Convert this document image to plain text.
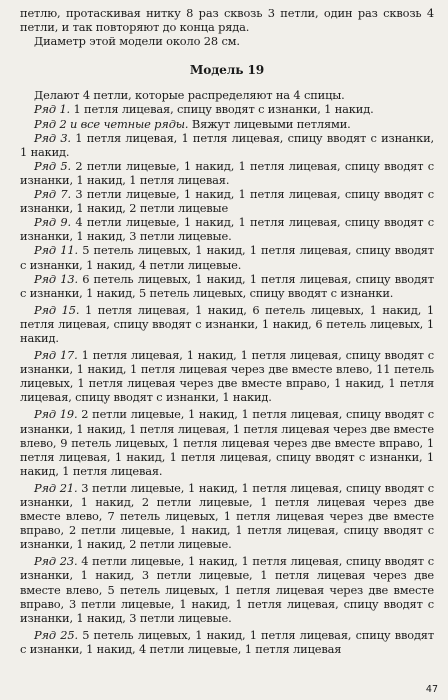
петлю, протаскивая нитку 8 раз сквозь 3 петли, один раз сквозь 4 петли, и так повторяют до конца ряда.

Диаметр этой модели около 28 см.

Модель 19

Делают 4 петли, которые распределяют на 4 спицы.

Ряд 1. 1 петля лицевая, спицу вводят с изнанки, 1 накид.

Ряд 2 и все четные ряды. Вяжут лицевыми петлями.

Ряд 3. 1 петля лицевая, 1 петля лицевая, спицу вводят с изнанки, 1 накид.

Ряд 5. 2 петли лицевые, 1 накид, 1 петля лицевая, спицу вводят с изнанки, 1 накид, 1 петля лицевая.

Ряд 7. 3 петли лицевые, 1 накид, 1 петля лицевая, спицу вводят с изнанки, 1 накид, 2 петли лицевые

Ряд 9. 4 петли лицевые, 1 накид, 1 петля лицевая, спицу вводят с изнанки, 1 накид, 3 петли лицевые.

Ряд 11. 5 петель лицевых, 1 накид, 1 петля лицевая, спицу вводят с изнанки, 1 накид, 4 петли лицевые.

Ряд 13. 6 петель лицевых, 1 накид, 1 петля лицевая, спицу вводят с изнанки, 1 накид, 5 петель лицевых, спицу вводят с изнанки.

Ряд 15. 1 петля лицевая, 1 накид, 6 петель лицевых, 1 накид, 1 петля лицевая, спицу вводят с изнанки, 1 накид, 6 петель лицевых, 1 накид.

Ряд 17. 1 петля лицевая, 1 накид, 1 петля лицевая, спицу вводят с изнанки, 1 накид, 1 петля лицевая через две вместе влево, 11 петель лицевых, 1 петля лицевая через две вместе вправо, 1 накид, 1 петля лицевая, спицу вводят с изнанки, 1 накид.

Ряд 19. 2 петли лицевые, 1 накид, 1 петля лицевая, спицу вводят с изнанки, 1 накид, 1 петля лицевая, 1 петля лицевая через две вместе влево, 9 петель лицевых, 1 петля лицевая через две вместе вправо, 1 петля лицевая, 1 накид, 1 петля лицевая, спицу вводят с изнанки, 1 накид, 1 петля лицевая.

Ряд 21. 3 петли лицевые, 1 накид, 1 петля лицевая, спицу вводят с изнанки, 1 накид, 2 петли лицевые, 1 петля лицевая через две вместе влево, 7 петель лицевых, 1 петля лицевая через две вместе вправо, 2 петли лицевые, 1 накид, 1 петля лицевая, спицу вводят с изнанки, 1 накид, 2 петли лицевые.

Ряд 23. 4 петли лицевые, 1 накид, 1 петля лицевая, спицу вводят с изнанки, 1 накид, 3 петли лицевые, 1 петля лицевая через две вместе влево, 5 петель лицевых, 1 петля лицевая через две вместе вправо, 3 петли лицевые, 1 накид, 1 петля лицевая, спицу вводят с изнанки, 1 накид, 3 петли лицевые.

Ряд 25. 5 петель лицевых, 1 накид, 1 петля лицевая, спицу вводят с изнанки, 1 накид, 4 петли лицевые, 1 петля лицевая

47
